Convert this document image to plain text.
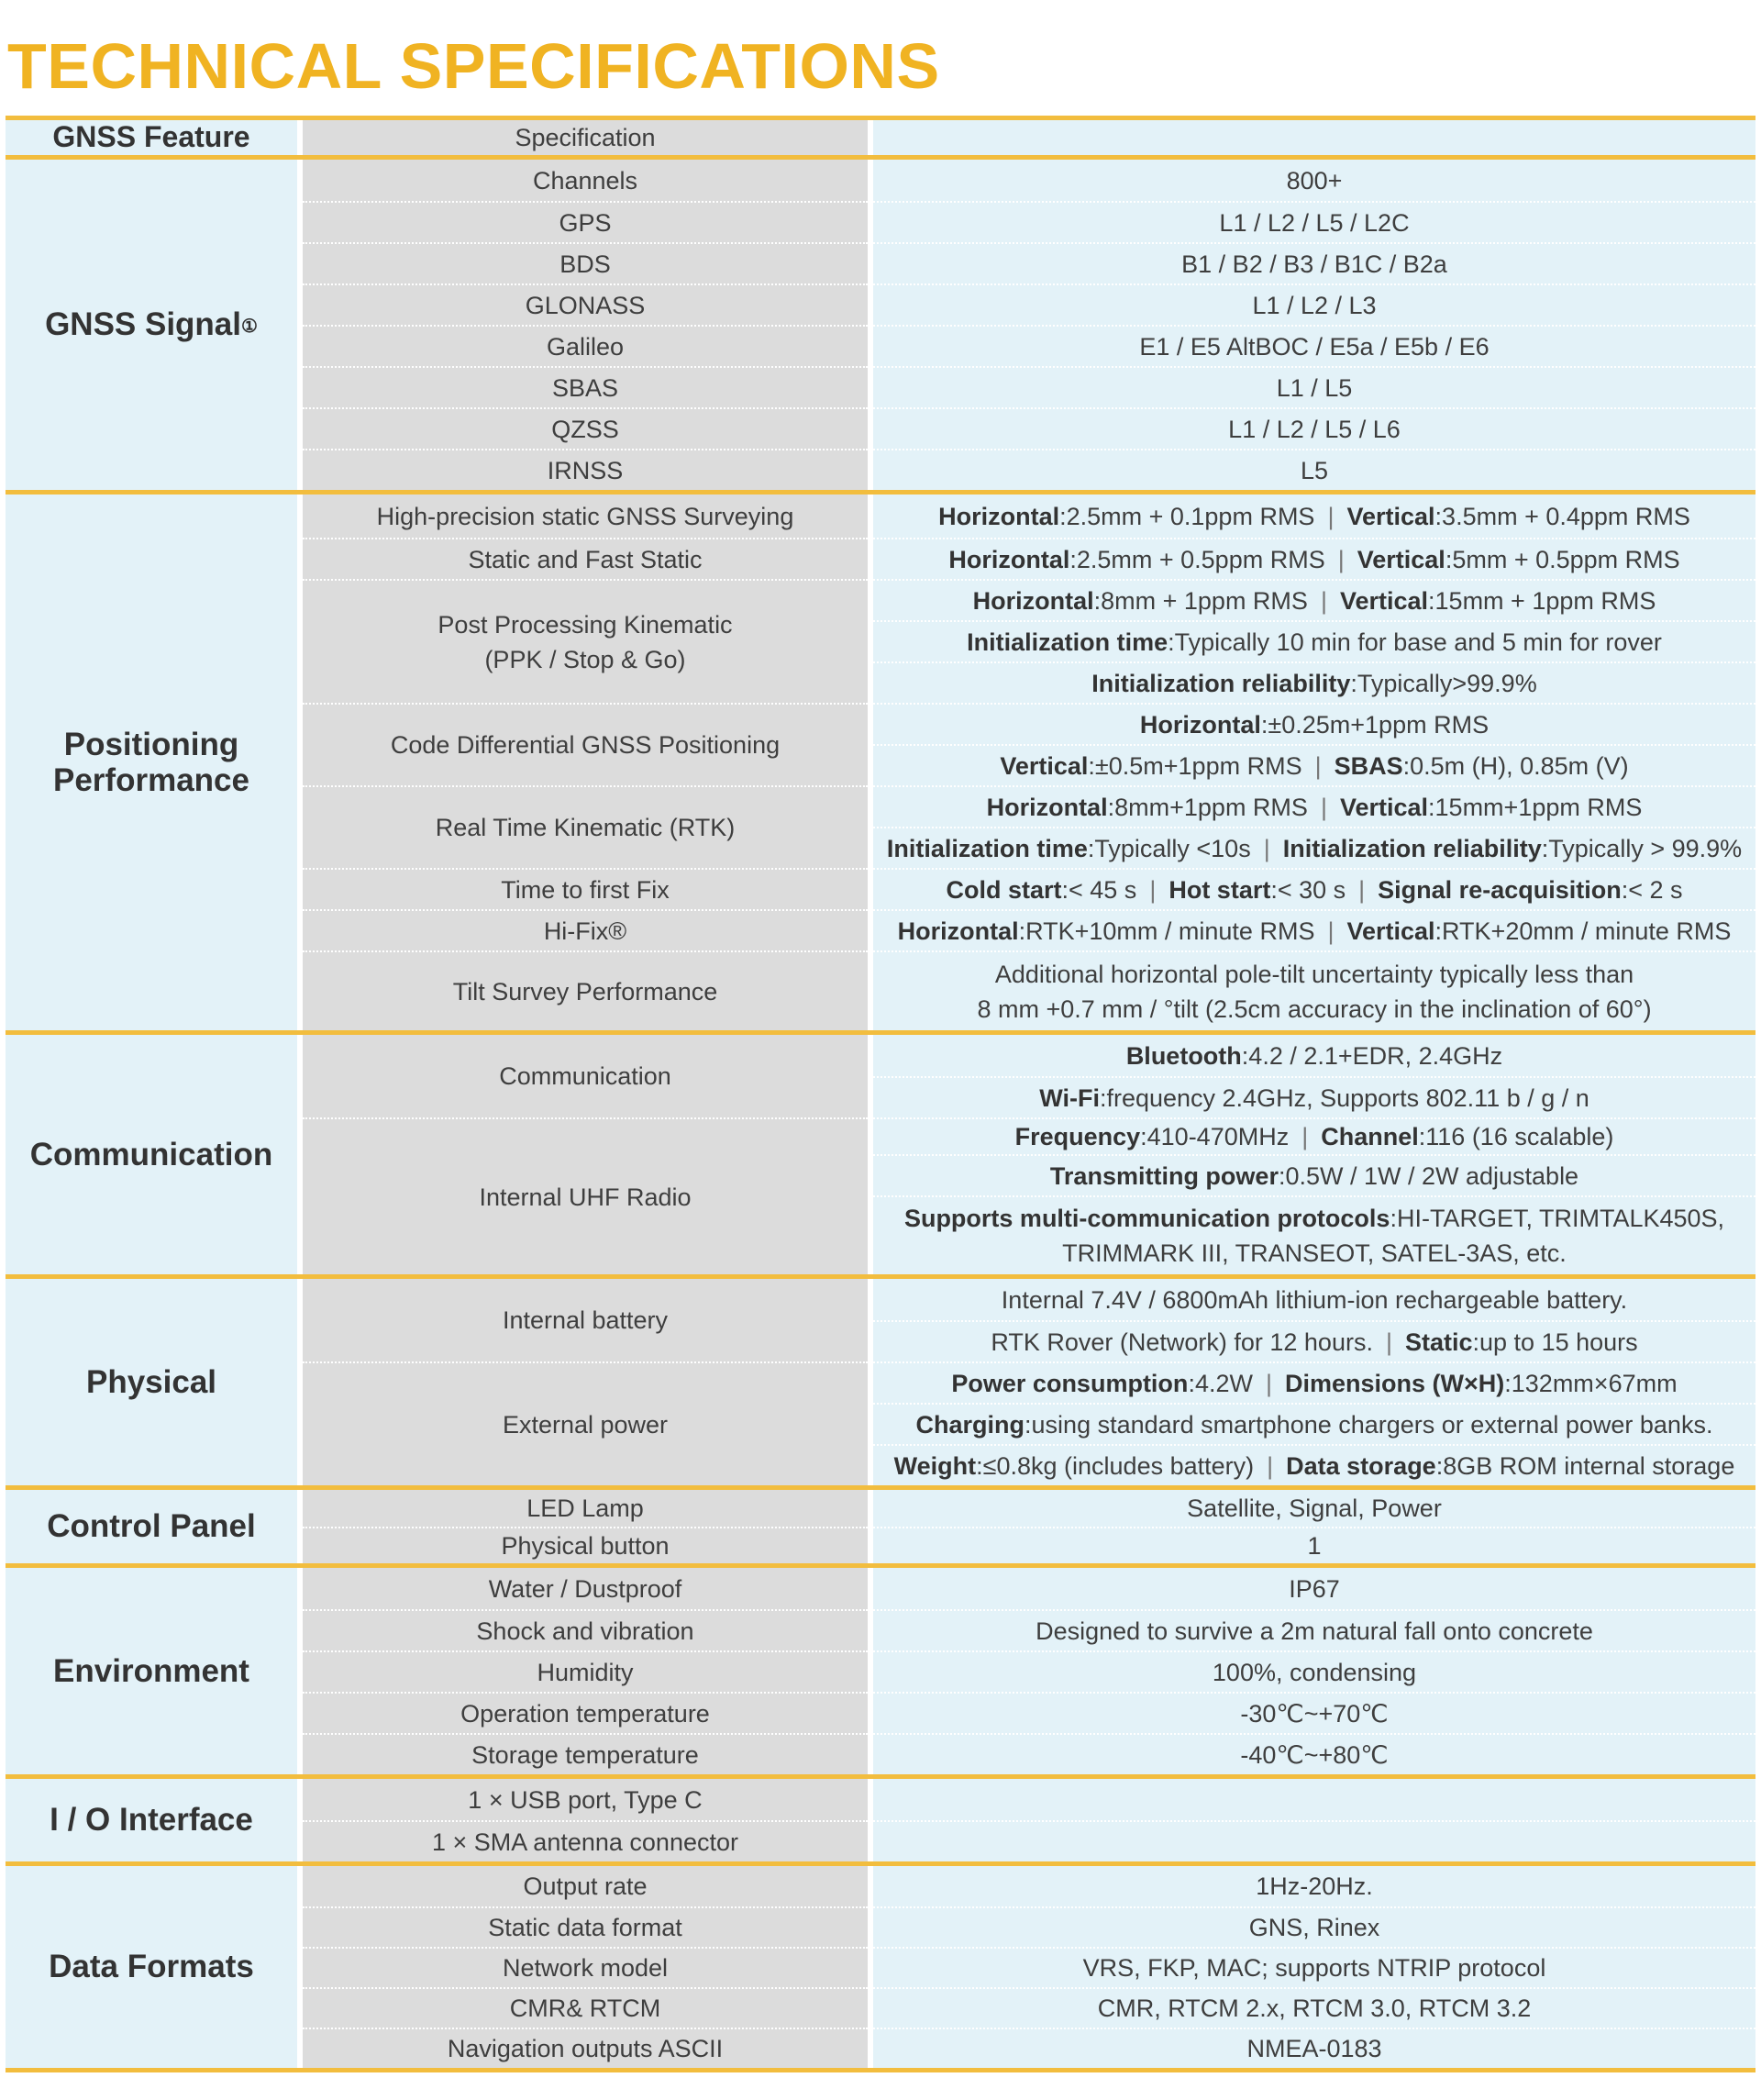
TECHNICAL SPECIFICATIONS
GNSS Feature	Specification
GNSS Signal①
Channels
GPS
BDS
GLONASS
Galileo
SBAS
QZSS
IRNSS
800+
L1 / L2 / L5 / L2C
B1 / B2 / B3 / B1C / B2a
L1 / L2 / L3
E1 / E5 AltBOC / E5a / E5b / E6
L1 / L5
L1 / L2 / L5 / L6
L5
Positioning
Performance
High-precision static GNSS Surveying
Static and Fast Static
Post Processing Kinematic
(PPK / Stop & Go)
Code Differential GNSS Positioning
Real Time Kinematic (RTK)
Time to first Fix
Hi-Fix®
Tilt Survey Performance
Horizontal :2.5mm + 0.1ppm RMS | Vertical :3.5mm + 0.4ppm RMS
Horizontal :2.5mm + 0.5ppm RMS | Vertical :5mm + 0.5ppm RMS
Horizontal :8mm + 1ppm RMS | Vertical :15mm + 1ppm RMS
Initialization time :Typically 10 min for base and 5 min for rover
Initialization reliability :Typically>99.9%
Horizontal :±0.25m+1ppm RMS
Vertical :±0.5m+1ppm RMS | SBAS :0.5m (H), 0.85m (V)
Horizontal :8mm+1ppm RMS | Vertical :15mm+1ppm RMS
Initialization time :Typically <10s | Initialization reliability :Typically > 99.9%
Cold start :< 45 s | Hot start :< 30 s | Signal re-acquisition :< 2 s
Horizontal :RTK+10mm / minute RMS | Vertical :RTK+20mm / minute RMS
Additional horizontal pole-tilt uncertainty typically less than
8 mm +0.7 mm / °tilt (2.5cm accuracy in the inclination of 60°)
Communication
Communication
Internal UHF Radio
Bluetooth :4.2 / 2.1+EDR, 2.4GHz
Wi-Fi :frequency 2.4GHz, Supports 802.11 b / g / n
Frequency :410-470MHz | Channel :116 (16 scalable)
Transmitting power :0.5W / 1W / 2W adjustable
Supports multi-communication protocols :HI-TARGET, TRIMTALK450S,
TRIMMARK III, TRANSEOT, SATEL-3AS, etc.
Physical
Internal battery
External power
Internal 7.4V / 6800mAh lithium-ion rechargeable battery.
RTK Rover (Network) for 12 hours. | Static :up to 15 hours
Power consumption :4.2W | Dimensions (W×H) :132mm×67mm
Charging :using standard smartphone chargers or external power banks.
Weight :≤0.8kg (includes battery) | Data storage :8GB ROM internal storage
Control Panel
LED Lamp
Physical button
Satellite, Signal, Power
1
Environment
Water / Dustproof
Shock and vibration
Humidity
Operation temperature
Storage temperature
IP67
Designed to survive a 2m natural fall onto concrete
100%, condensing
-30℃~+70℃
-40℃~+80℃
I / O Interface
1 × USB port, Type C
1 × SMA antenna connector
Data Formats
Output rate
Static data format
Network model
CMR& RTCM
Navigation outputs ASCII
1Hz-20Hz.
GNS, Rinex
VRS, FKP, MAC; supports NTRIP protocol
CMR, RTCM 2.x, RTCM 3.0, RTCM 3.2
NMEA-0183
